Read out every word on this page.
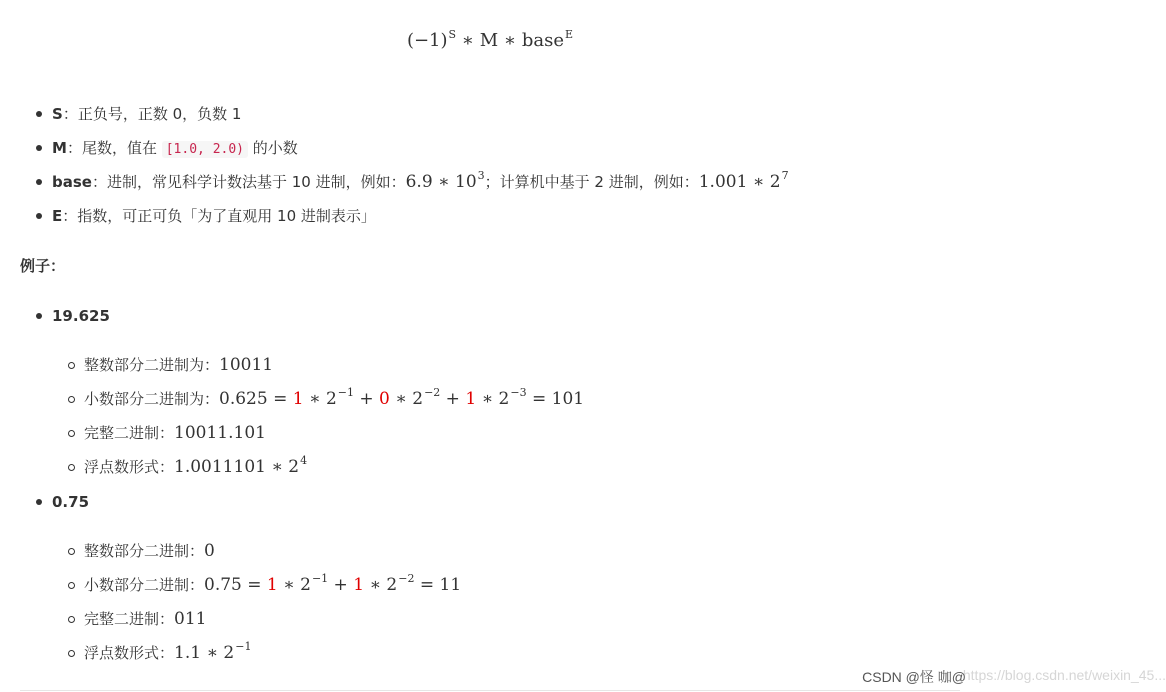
$(-1)^S$ ∗ M ∗ base$^E$
S：正负号，正数 0，负数 1
M：尾数，值在 [1.0, 2.0) 的小数
base：进制，常见科学计数法基于 10 进制，例如：6.9 ∗ $10^3$；计算机中基于 2 进制，例如：1.001 ∗ $2^7$
E：指数，可正可负「为了直观用 10 进制表示」
例子：
19.625
整数部分二进制为：10011
小数部分二进制为：0.625 = 1 ∗ $2^{-1} + 0$ ∗ $2^{-2} + 1$ ∗ $2^{-3} = 101$
完整二进制：10011.101
浮点数形式：1.0011101 ∗ $2^4$
0.75
整数部分二进制：0
小数部分二进制：0.75 = 1 ∗ $2^{-1} + 1$ ∗ $2^{-2} = 11$
完整二进制：011
浮点数形式：1.1 ∗ $2^{-1}$
https://blog.csdn.net/weixin_45...
CSDN @怪 咖@
